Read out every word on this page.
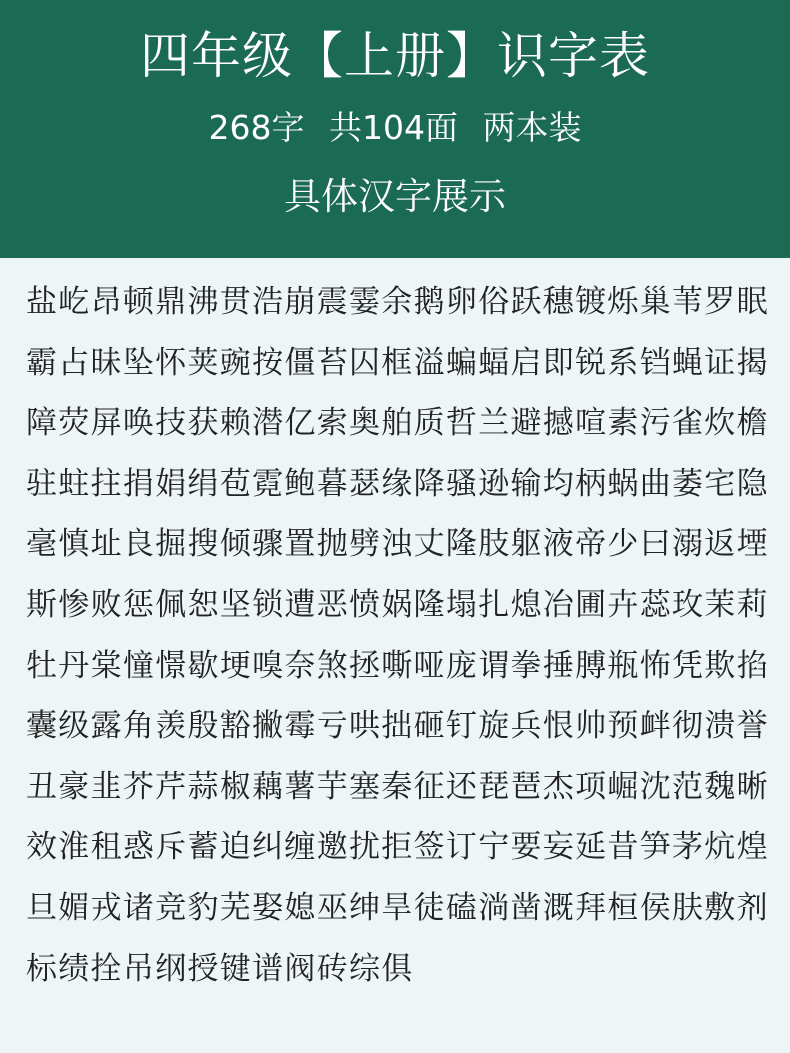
四年级【上册】识字表
268字 共104面 两本装
具体汉字展示
盐屹昂顿鼎沸贯浩崩震霎余鹅卵俗跃穗镀烁巢苇罗眠
霸占昧坠怀荚豌按僵苔囚框溢蝙蝠启即锐系铛蝇证揭
障荧屏唤技获赖潜亿索奥舶质哲兰避撼喧素污雀炊檐
驻蛀拄捐娟绢苞霓鲍暮瑟缘降骚逊输均柄蜗曲萎宅隐
毫慎址良掘搜倾骤置抛劈浊丈隆肢躯液帝少曰溺返堙
斯惨败惩佩恕坚锁遭恶愤娲隆塌扎熄冶圃卉蕊玫茉莉
牡丹棠憧憬歇埂嗅奈煞拯嘶哑庞谓拳捶膊瓶怖凭欺掐
囊级露角羡殷豁撇霉亏哄拙砸钉旋兵恨帅预衅彻溃誉
丑豪韭芥芹蒜椒藕薯芋塞秦征还琵琶杰项崛沈范魏晰
效淮租惑斥蓄迫纠缠邀扰拒签订宁要妄延昔笋茅炕煌
旦媚戎诸竞豹芜娶媳巫绅旱徒磕淌凿溉拜桓侯肤敷剂
标绩拴吊纲授键谱阀砖综俱
